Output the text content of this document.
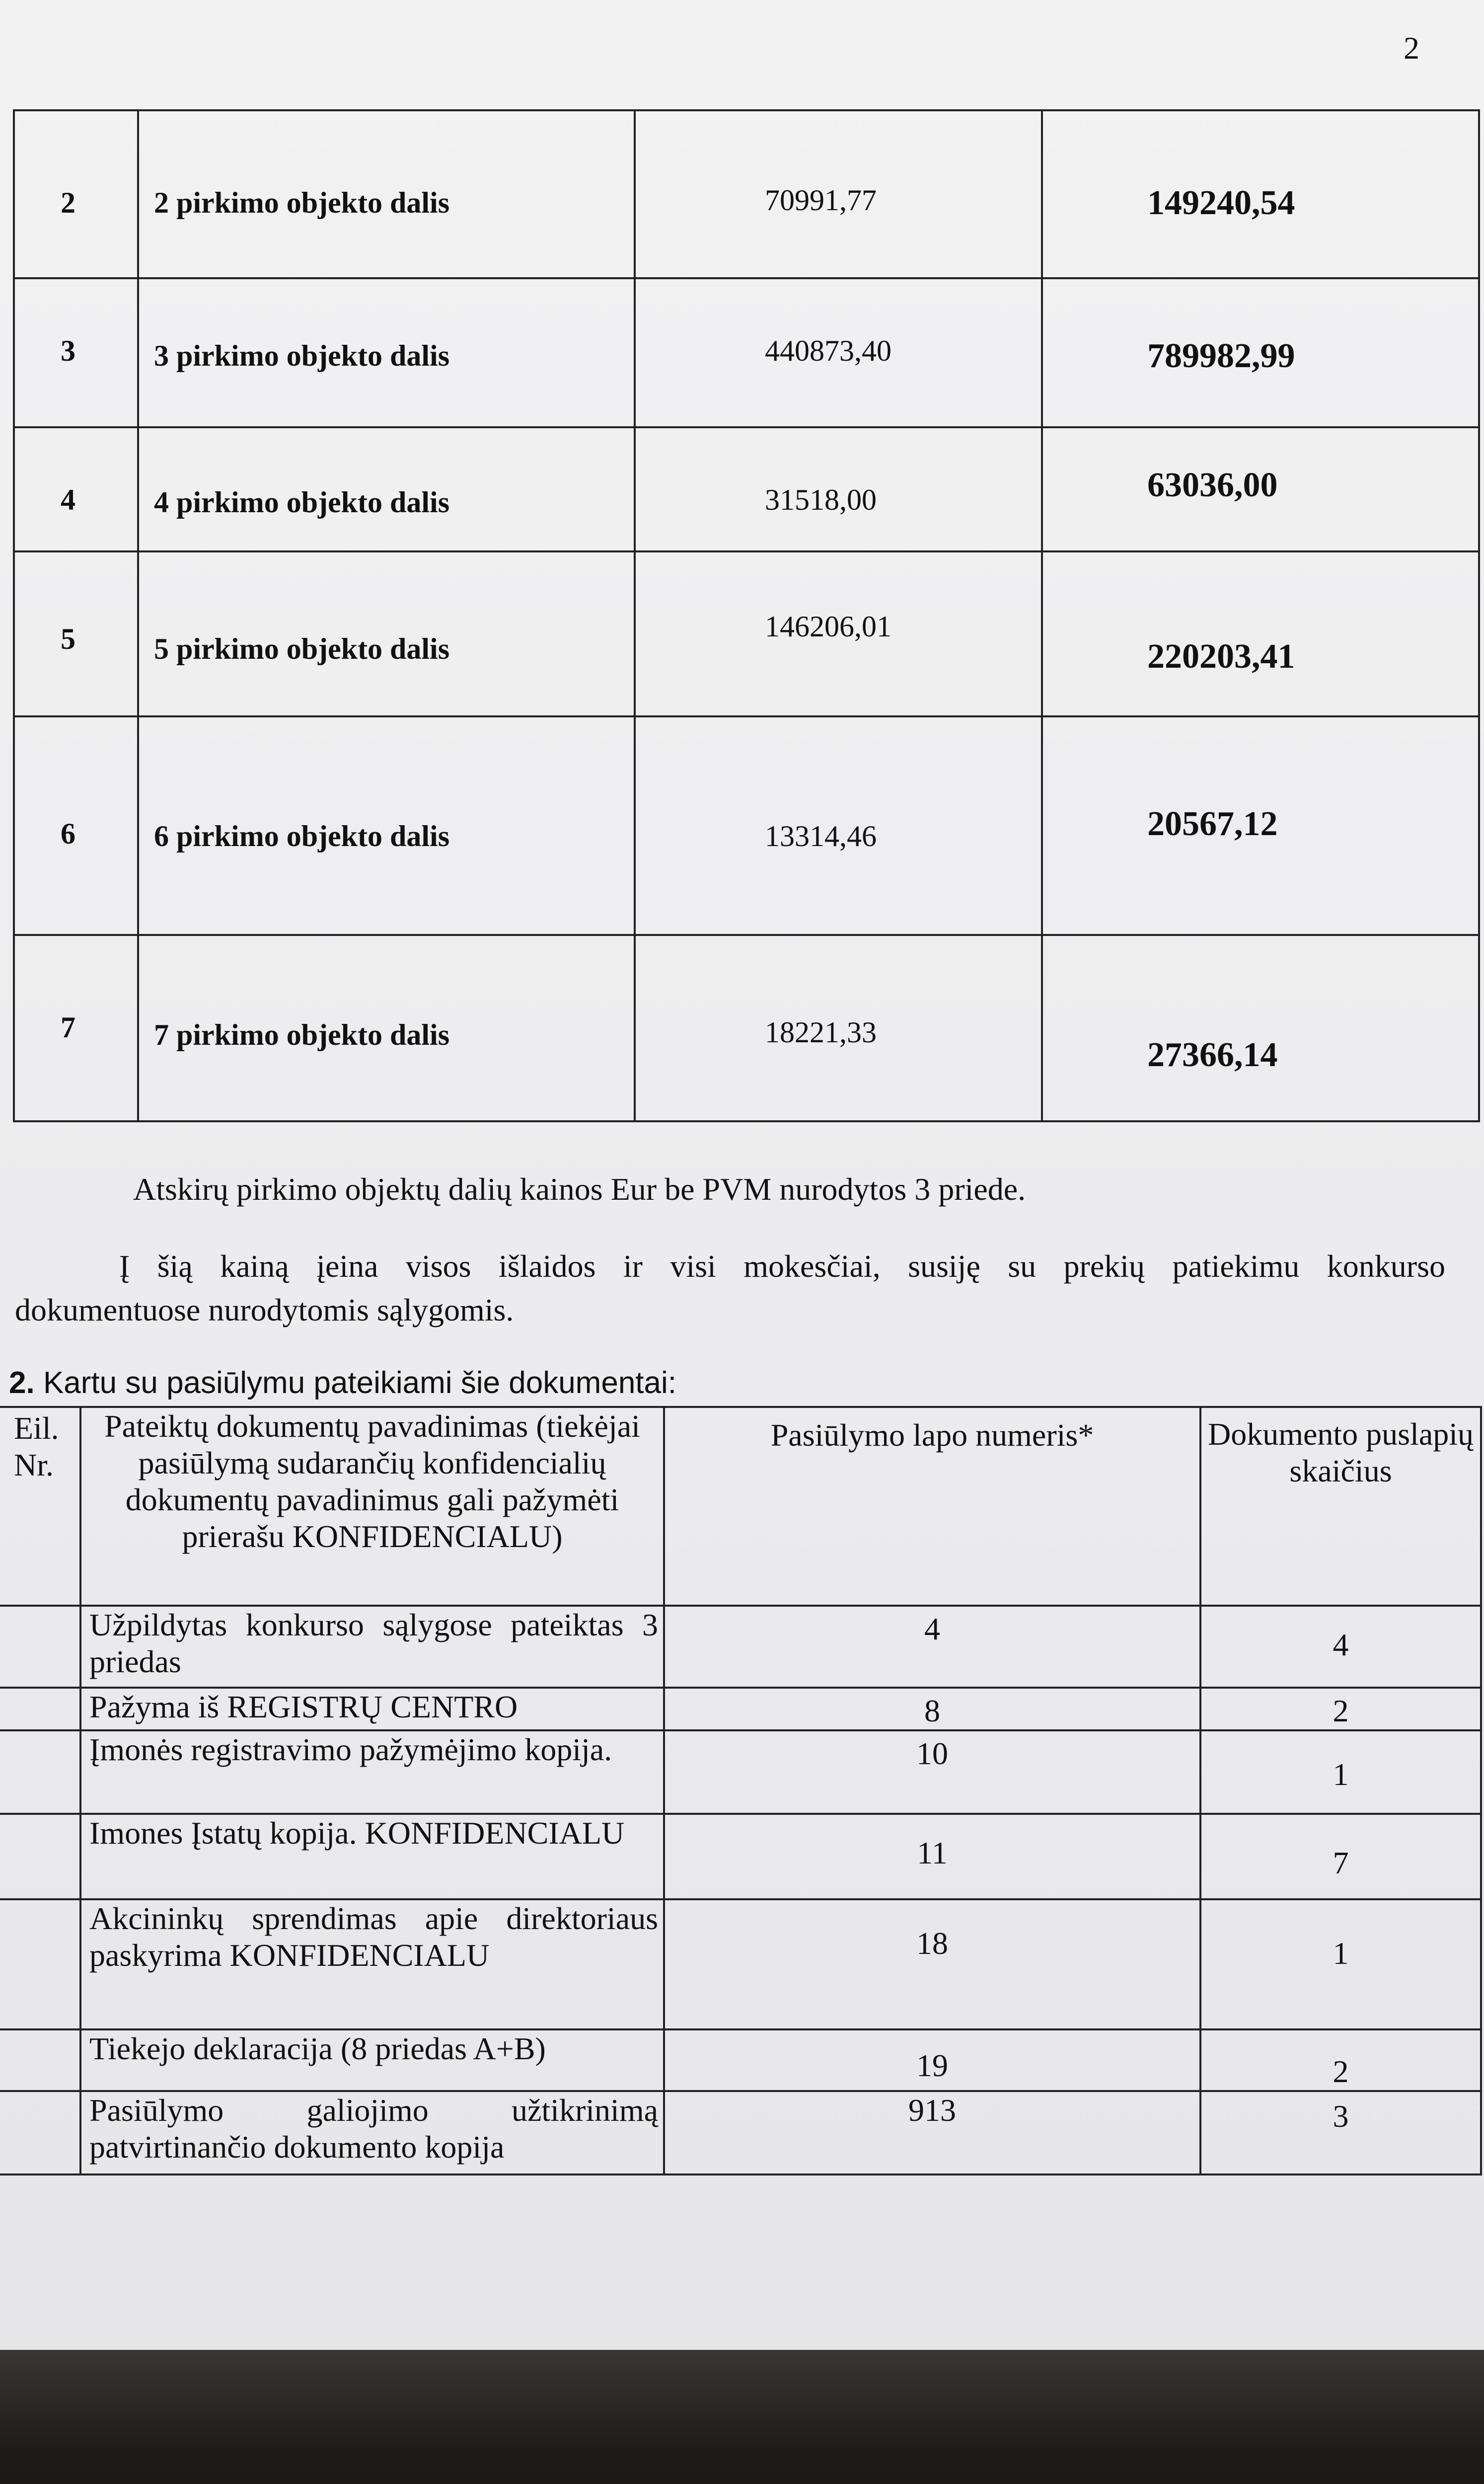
2
2	2 pirkimo objekto dalis	70991,77	149240,54

3	3 pirkimo objekto dalis	440873,40	789982,99

4	4 pirkimo objekto dalis	31518,00	63036,00

5	5 pirkimo objekto dalis	146206,01	220203,41

6	6 pirkimo objekto dalis	13314,46	20567,12

7	7 pirkimo objekto dalis	18221,33	27366,14
Atskirų pirkimo objektų dalių kainos Eur be PVM nurodytos 3 priede.
Į šią kainą įeina visos išlaidos ir visi mokesčiai, susiję su prekių patiekimu konkurso
dokumentuose nurodytomis sąlygomis.
2. Kartu su pasiūlymu pateikiami šie dokumentai:
Eil. Nr.	Pateiktų dokumentų pavadinimas (tiekėjai pasiūlymą sudarančių konfidencialių dokumentų pavadinimus gali pažymėti prierašu KONFIDENCIALU)	Pasiūlymo lapo numeris*	Dokumento puslapių skaičius
	Užpildytas konkurso sąlygose pateiktas 3 priedas	4	4
	Pažyma iš REGISTRŲ CENTRO	8	2
	Įmonės registravimo pažymėjimo kopija.	10	1
	Imones Įstatų kopija. KONFIDENCIALU	11	7
	Akcininkų sprendimas apie direktoriaus paskyrima KONFIDENCIALU	18	1
	Tiekejo deklaracija (8 priedas A+B)	19	2
	Pasiūlymo galiojimo užtikrinimą patvirtinančio dokumento kopija	913	3
